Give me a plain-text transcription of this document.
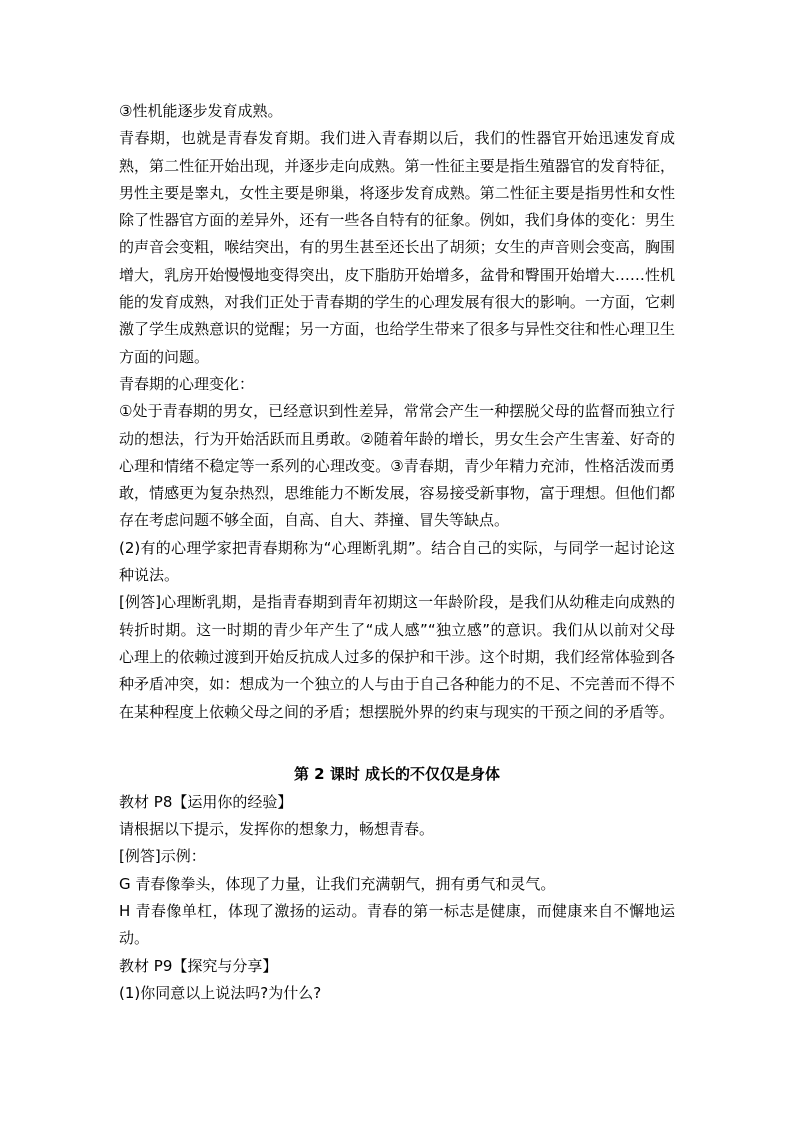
③性机能逐步发育成熟。

青春期，也就是青春发育期。我们进入青春期以后，我们的性器官开始迅速发育成熟，第二性征开始出现，并逐步走向成熟。第一性征主要是指生殖器官的发育特征，男性主要是睾丸，女性主要是卵巢，将逐步发育成熟。第二性征主要是指男性和女性除了性器官方面的差异外，还有一些各自特有的征象。例如，我们身体的变化：男生的声音会变粗，喉结突出，有的男生甚至还长出了胡须；女生的声音则会变高，胸围增大，乳房开始慢慢地变得突出，皮下脂肪开始增多，盆骨和臀围开始增大……性机能的发育成熟，对我们正处于青春期的学生的心理发展有很大的影响。一方面，它刺激了学生成熟意识的觉醒；另一方面，也给学生带来了很多与异性交往和性心理卫生方面的问题。

青春期的心理变化：

①处于青春期的男女，已经意识到性差异，常常会产生一种摆脱父母的监督而独立行动的想法，行为开始活跃而且勇敢。②随着年龄的增长，男女生会产生害羞、好奇的心理和情绪不稳定等一系列的心理改变。③青春期，青少年精力充沛，性格活泼而勇敢，情感更为复杂热烈，思维能力不断发展，容易接受新事物，富于理想。但他们都存在考虑问题不够全面，自高、自大、莽撞、冒失等缺点。

(2)有的心理学家把青春期称为“心理断乳期”。结合自己的实际，与同学一起讨论这种说法。

[例答]心理断乳期，是指青春期到青年初期这一年龄阶段，是我们从幼稚走向成熟的转折时期。这一时期的青少年产生了“成人感”“独立感”的意识。我们从以前对父母心理上的依赖过渡到开始反抗成人过多的保护和干涉。这个时期，我们经常体验到各种矛盾冲突，如：想成为一个独立的人与由于自己各种能力的不足、不完善而不得不在某种程度上依赖父母之间的矛盾；想摆脱外界的约束与现实的干预之间的矛盾等。

第 2 课时 成长的不仅仅是身体

教材 P8【运用你的经验】

请根据以下提示，发挥你的想象力，畅想青春。

[例答]示例：

G 青春像拳头，体现了力量，让我们充满朝气，拥有勇气和灵气。

H 青春像单杠，体现了激扬的运动。青春的第一标志是健康，而健康来自不懈地运动。

教材 P9【探究与分享】

(1)你同意以上说法吗?为什么?
